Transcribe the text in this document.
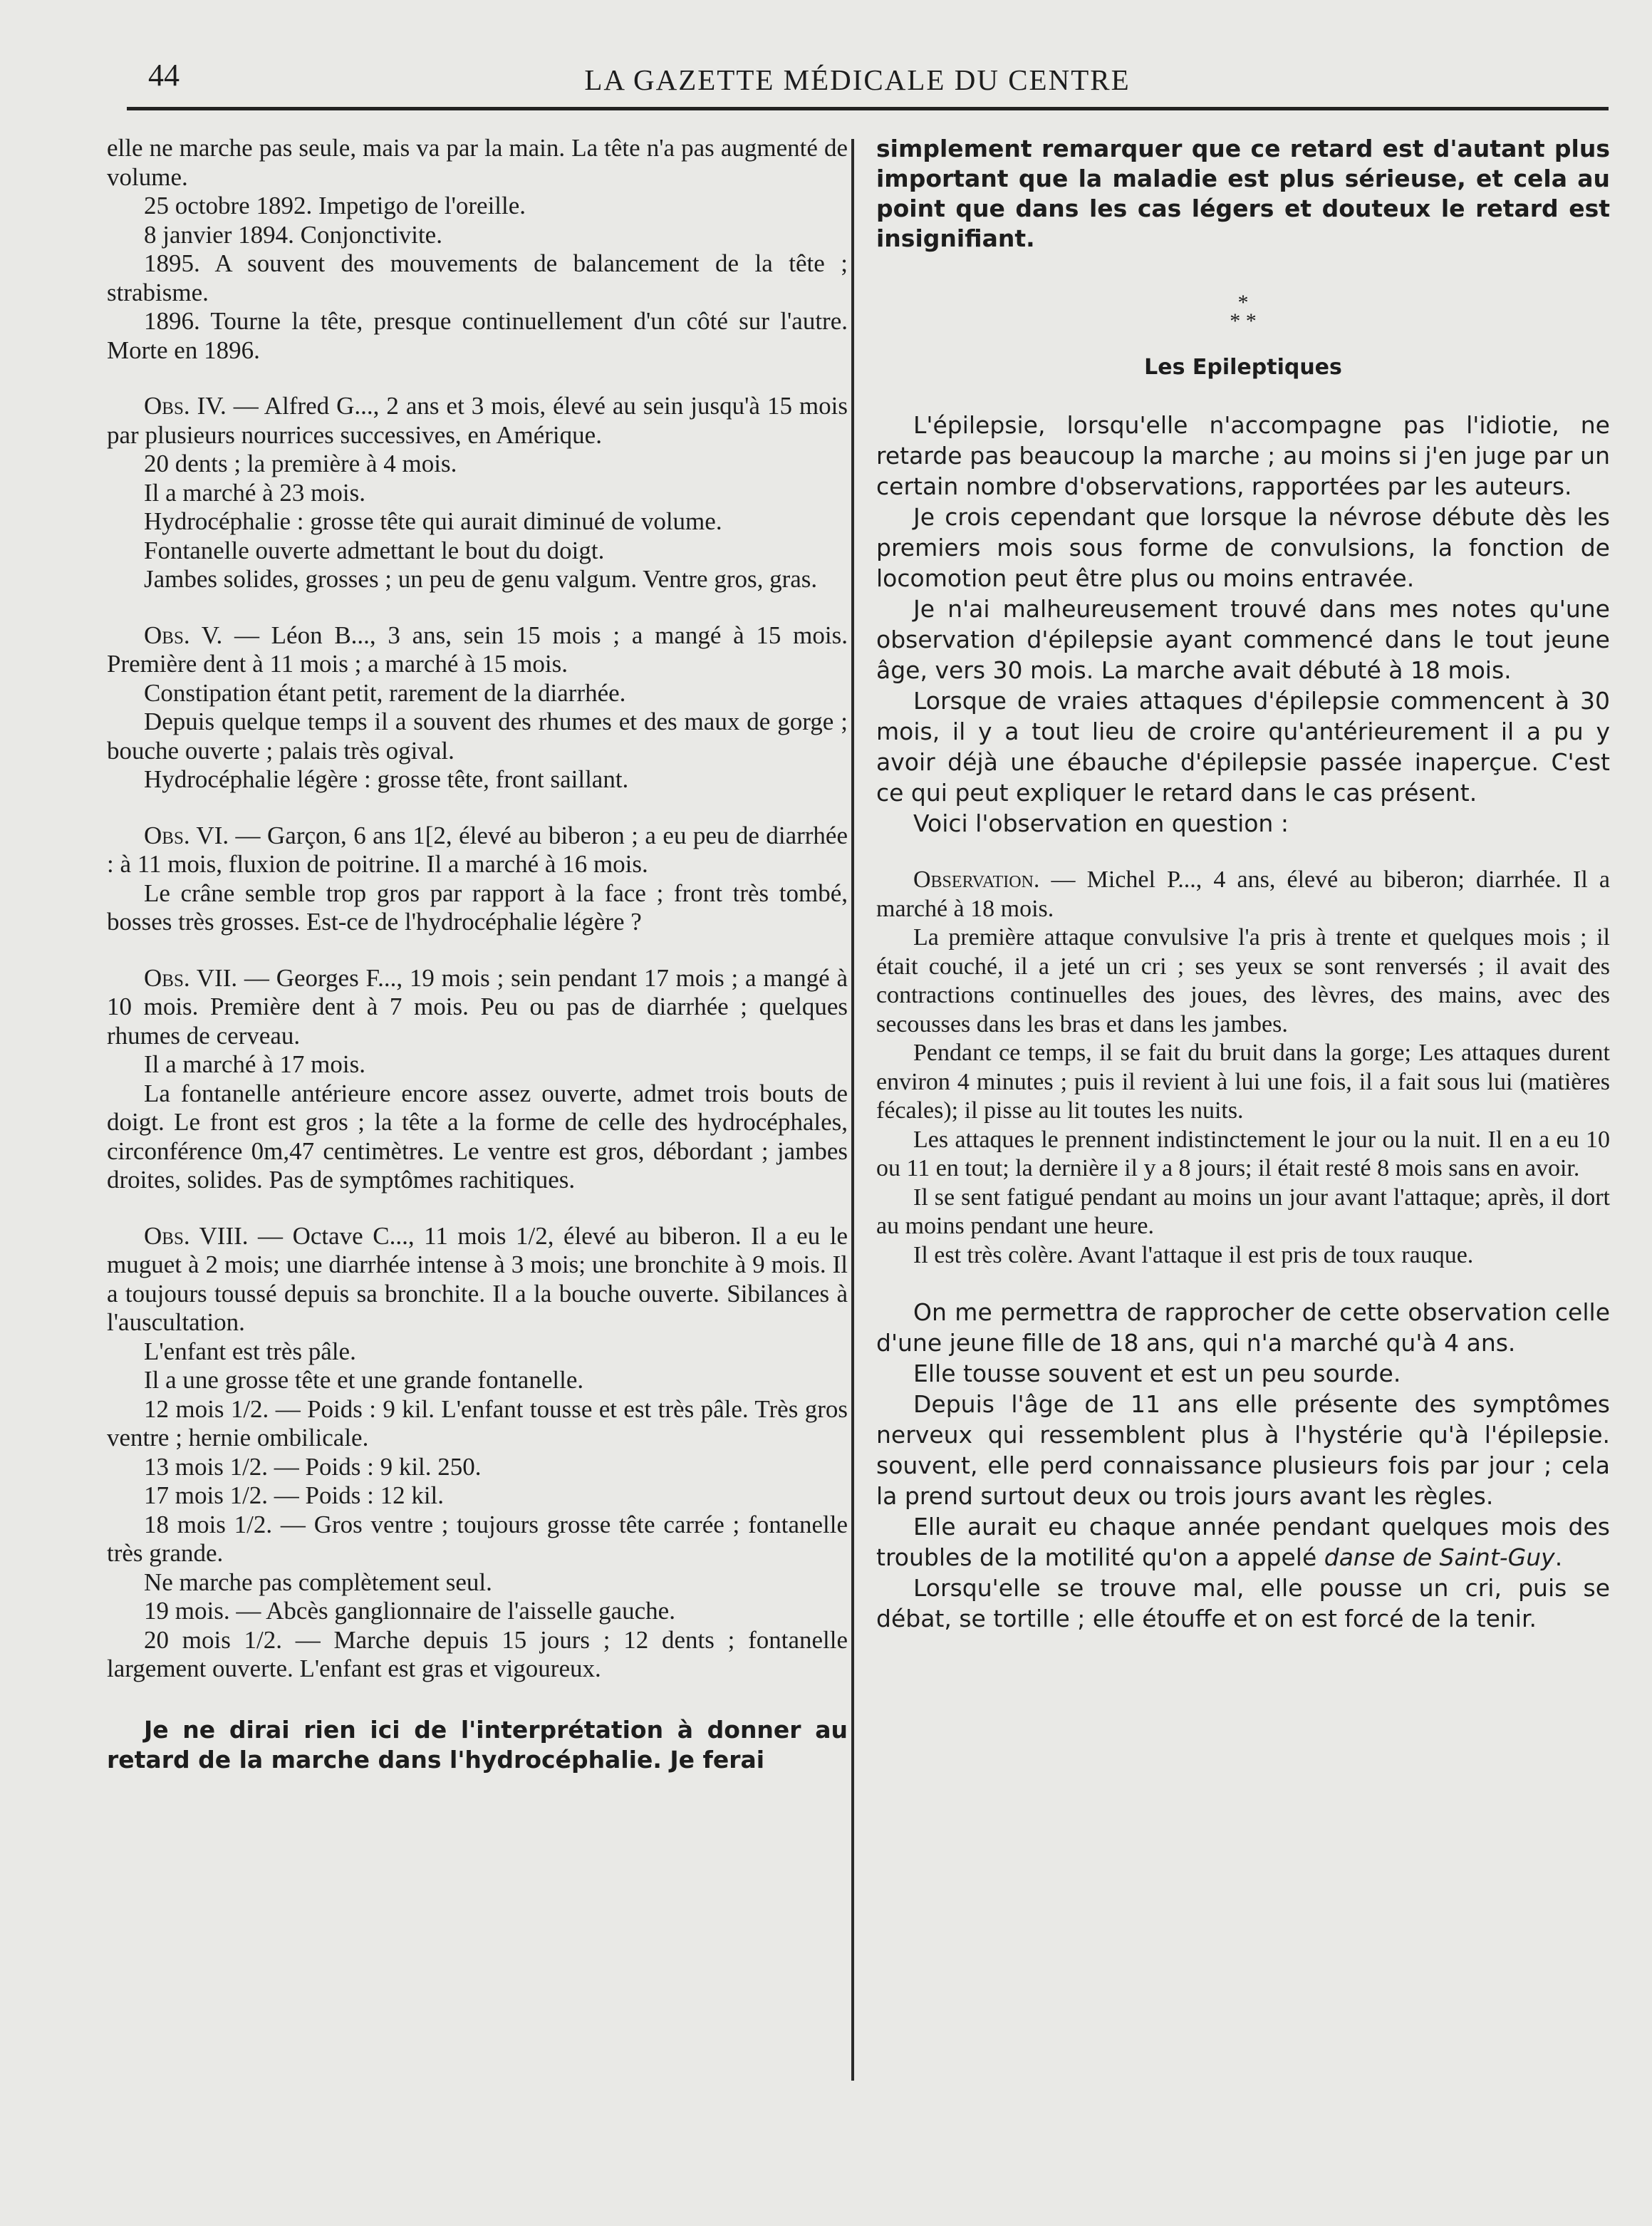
44	LA GAZETTE MÉDICALE DU CENTRE

elle ne marche pas seule, mais va par la main. La tête n'a pas augmenté de volume.

25 octobre 1892. Impetigo de l'oreille.

8 janvier 1894. Conjonctivite.

1895. A souvent des mouvements de balancement de la tête ; strabisme.

1896. Tourne la tête, presque continuellement d'un côté sur l'autre. Morte en 1896.

Obs. IV. — Alfred G..., 2 ans et 3 mois, élevé au sein jusqu'à 15 mois par plusieurs nourrices successives, en Amérique.

20 dents ; la première à 4 mois.

Il a marché à 23 mois.

Hydrocéphalie : grosse tête qui aurait diminué de volume.

Fontanelle ouverte admettant le bout du doigt.

Jambes solides, grosses ; un peu de genu valgum. Ventre gros, gras.

Obs. V. — Léon B..., 3 ans, sein 15 mois ; a mangé à 15 mois. Première dent à 11 mois ; a marché à 15 mois.

Constipation étant petit, rarement de la diarrhée.

Depuis quelque temps il a souvent des rhumes et des maux de gorge ; bouche ouverte ; palais très ogival.

Hydrocéphalie légère : grosse tête, front saillant.

Obs. VI. — Garçon, 6 ans 1[2, élevé au biberon ; a eu peu de diarrhée : à 11 mois, fluxion de poitrine. Il a marché à 16 mois.

Le crâne semble trop gros par rapport à la face ; front très tombé, bosses très grosses. Est-ce de l'hydrocéphalie légère ?

Obs. VII. — Georges F..., 19 mois ; sein pendant 17 mois ; a mangé à 10 mois. Première dent à 7 mois. Peu ou pas de diarrhée ; quelques rhumes de cerveau.

Il a marché à 17 mois.

La fontanelle antérieure encore assez ouverte, admet trois bouts de doigt. Le front est gros ; la tête a la forme de celle des hydrocéphales, circonférence 0m,47 centimètres. Le ventre est gros, débordant ; jambes droites, solides. Pas de symptômes rachitiques.

Obs. VIII. — Octave C..., 11 mois 1/2, élevé au biberon. Il a eu le muguet à 2 mois; une diarrhée intense à 3 mois; une bronchite à 9 mois. Il a toujours toussé depuis sa bronchite. Il a la bouche ouverte. Sibilances à l'auscultation.

L'enfant est très pâle.

Il a une grosse tête et une grande fontanelle.

12 mois 1/2. — Poids : 9 kil. L'enfant tousse et est très pâle. Très gros ventre ; hernie ombilicale.

13 mois 1/2. — Poids : 9 kil. 250.

17 mois 1/2. — Poids : 12 kil.

18 mois 1/2. — Gros ventre ; toujours grosse tête carrée ; fontanelle très grande.

Ne marche pas complètement seul.

19 mois. — Abcès ganglionnaire de l'aisselle gauche.

20 mois 1/2. — Marche depuis 15 jours ; 12 dents ; fontanelle largement ouverte. L'enfant est gras et vigoureux.

Je ne dirai rien ici de l'interprétation à donner au retard de la marche dans l'hydrocéphalie. Je ferai

simplement remarquer que ce retard est d'autant plus important que la maladie est plus sérieuse, et cela au point que dans les cas légers et douteux le retard est insignifiant.

*
* *
Les Epileptiques

L'épilepsie, lorsqu'elle n'accompagne pas l'idiotie, ne retarde pas beaucoup la marche ; au moins si j'en juge par un certain nombre d'observations, rapportées par les auteurs.

Je crois cependant que lorsque la névrose débute dès les premiers mois sous forme de convulsions, la fonction de locomotion peut être plus ou moins entravée.

Je n'ai malheureusement trouvé dans mes notes qu'une observation d'épilepsie ayant commencé dans le tout jeune âge, vers 30 mois. La marche avait débuté à 18 mois.

Lorsque de vraies attaques d'épilepsie commencent à 30 mois, il y a tout lieu de croire qu'antérieurement il a pu y avoir déjà une ébauche d'épilepsie passée inaperçue. C'est ce qui peut expliquer le retard dans le cas présent.

Voici l'observation en question :

Observation. — Michel P..., 4 ans, élevé au biberon; diarrhée. Il a marché à 18 mois.

La première attaque convulsive l'a pris à trente et quelques mois ; il était couché, il a jeté un cri ; ses yeux se sont renversés ; il avait des contractions continuelles des joues, des lèvres, des mains, avec des secousses dans les bras et dans les jambes.

Pendant ce temps, il se fait du bruit dans la gorge; Les attaques durent environ 4 minutes ; puis il revient à lui une fois, il a fait sous lui (matières fécales); il pisse au lit toutes les nuits.

Les attaques le prennent indistinctement le jour ou la nuit. Il en a eu 10 ou 11 en tout; la dernière il y a 8 jours; il était resté 8 mois sans en avoir.

Il se sent fatigué pendant au moins un jour avant l'attaque; après, il dort au moins pendant une heure.

Il est très colère. Avant l'attaque il est pris de toux rauque.

On me permettra de rapprocher de cette observation celle d'une jeune fille de 18 ans, qui n'a marché qu'à 4 ans.

Elle tousse souvent et est un peu sourde.

Depuis l'âge de 11 ans elle présente des symptômes nerveux qui ressemblent plus à l'hystérie qu'à l'épilepsie. souvent, elle perd connaissance plusieurs fois par jour ; cela la prend surtout deux ou trois jours avant les règles.

Elle aurait eu chaque année pendant quelques mois des troubles de la motilité qu'on a appelé danse de Saint-Guy.

Lorsqu'elle se trouve mal, elle pousse un cri, puis se débat, se tortille ; elle étouffe et on est forcé de la tenir.
